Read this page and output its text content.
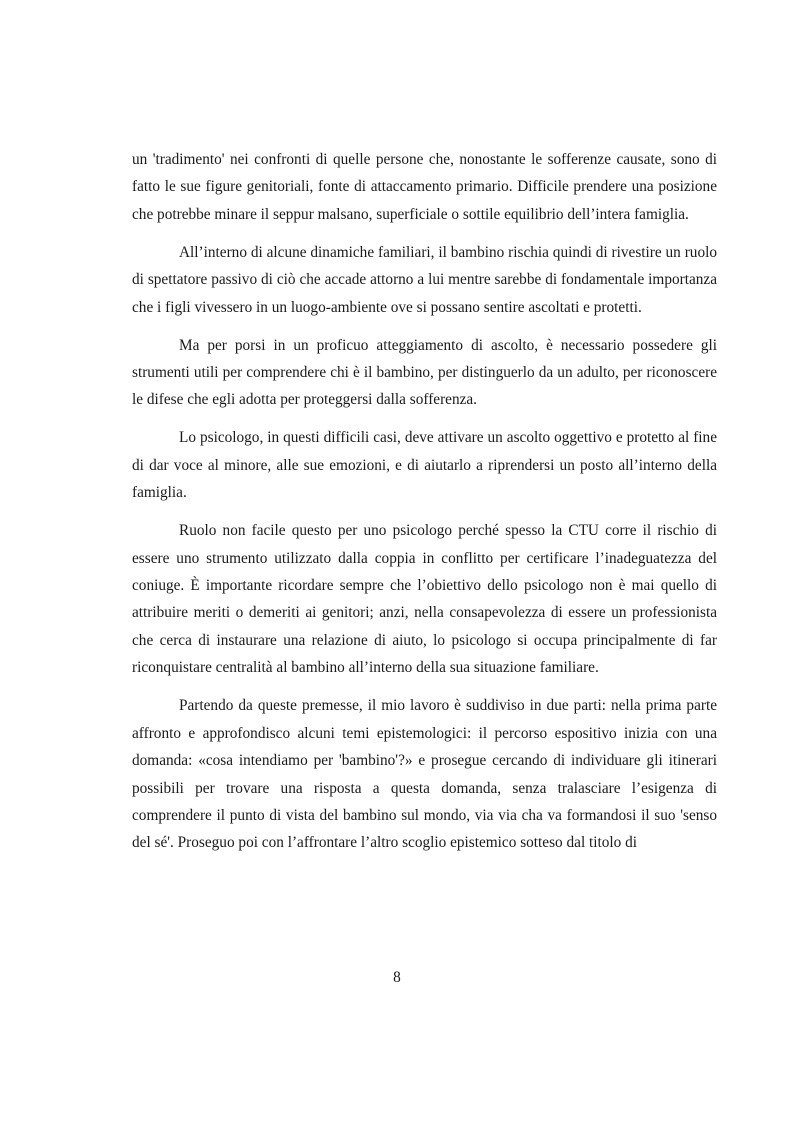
un 'tradimento' nei confronti di quelle persone che, nonostante le sofferenze causate, sono di fatto le sue figure genitoriali, fonte di attaccamento primario. Difficile prendere una posizione che potrebbe minare il seppur malsano, superficiale o sottile equilibrio dell’intera famiglia.

All’interno di alcune dinamiche familiari, il bambino rischia quindi di rivestire un ruolo di spettatore passivo di ciò che accade attorno a lui mentre sarebbe di fondamentale importanza che i figli vivessero in un luogo-ambiente ove si possano sentire ascoltati e protetti.

Ma per porsi in un proficuo atteggiamento di ascolto, è necessario possedere gli strumenti utili per comprendere chi è il bambino, per distinguerlo da un adulto, per riconoscere le difese che egli adotta per proteggersi dalla sofferenza.

Lo psicologo, in questi difficili casi, deve attivare un ascolto oggettivo e protetto al fine di dar voce al minore, alle sue emozioni, e di aiutarlo a riprendersi un posto all’interno della famiglia.

Ruolo non facile questo per uno psicologo perché spesso la CTU corre il rischio di essere uno strumento utilizzato dalla coppia in conflitto per certificare l’inadeguatezza del coniuge. È importante ricordare sempre che l’obiettivo dello psicologo non è mai quello di attribuire meriti o demeriti ai genitori; anzi, nella consapevolezza di essere un professionista che cerca di instaurare una relazione di aiuto, lo psicologo si occupa principalmente di far riconquistare centralità al bambino all’interno della sua situazione familiare.

Partendo da queste premesse, il mio lavoro è suddiviso in due parti: nella prima parte affronto e approfondisco alcuni temi epistemologici: il percorso espositivo inizia con una domanda: «cosa intendiamo per 'bambino'?» e prosegue cercando di individuare gli itinerari possibili per trovare una risposta a questa domanda, senza tralasciare l’esigenza di comprendere il punto di vista del bambino sul mondo, via via cha va formandosi il suo 'senso del sé'. Proseguo poi con l’affrontare l’altro scoglio epistemico sotteso dal titolo di

8
